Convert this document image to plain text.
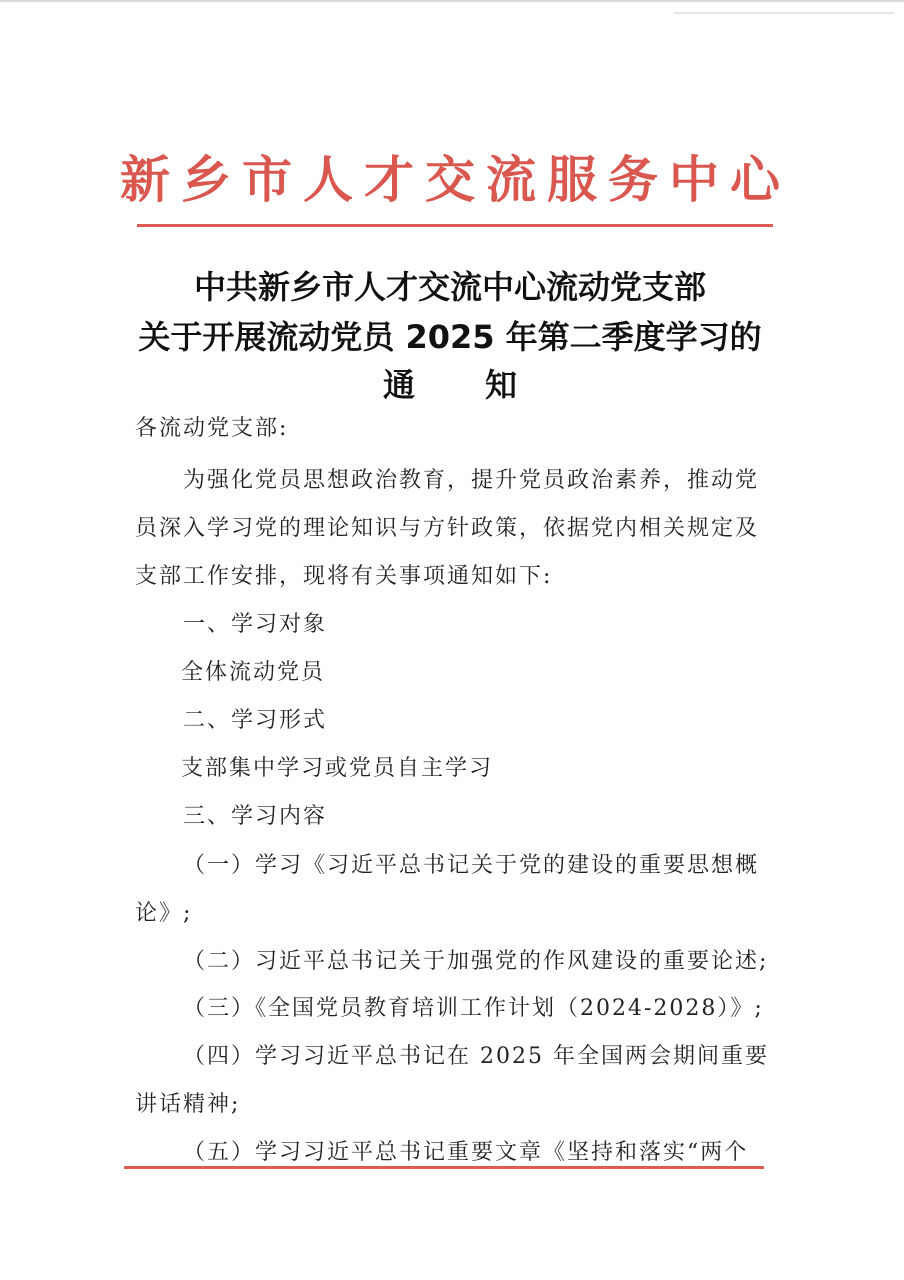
新乡市人才交流服务中心
中共新乡市人才交流中心流动党支部
关于开展流动党员 2025 年第二季度学习的
通 知
各流动党支部:
为强化党员思想政治教育，提升党员政治素养，推动党
员深入学习党的理论知识与方针政策，依据党内相关规定及
支部工作安排，现将有关事项通知如下:
一、学习对象
全体流动党员
二、学习形式
支部集中学习或党员自主学习
三、学习内容
（一）学习《习近平总书记关于党的建设的重要思想概
论》;
（二）习近平总书记关于加强党的作风建设的重要论述;
（三）《全国党员教育培训工作计划（2024-2028）》;
（四）学习习近平总书记在 2025 年全国两会期间重要
讲话精神;
（五）学习习近平总书记重要文章《坚持和落实“两个
